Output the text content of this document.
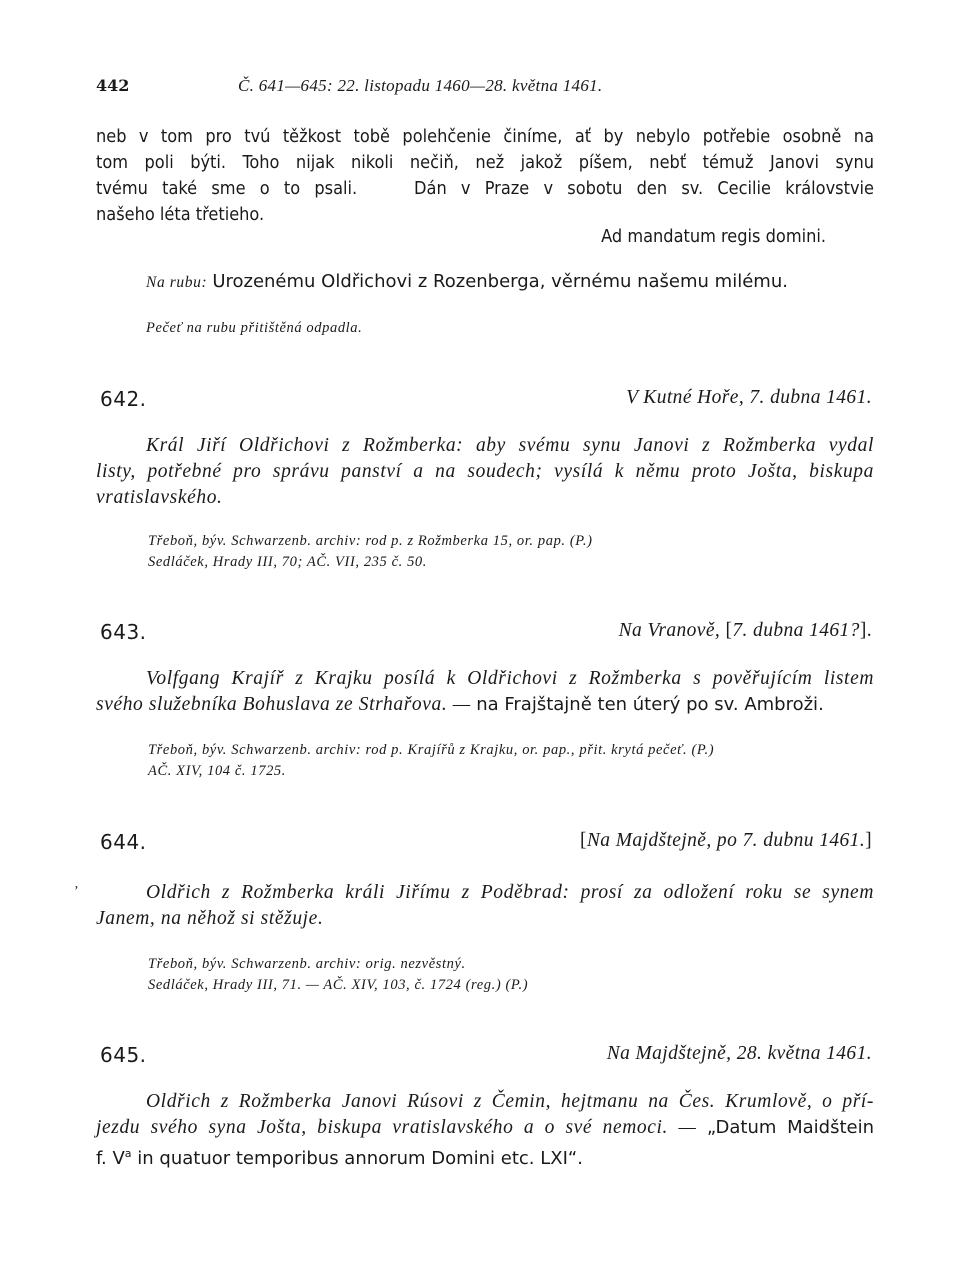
442	Č. 641—645: 22. listopadu 1460—28. května 1461.
neb v tom pro tvú těžkost tobě polehčenie činíme, ať by nebylo potřebie osobně na
tom poli býti. Toho nijak nikoli nečiň, než jakož píšem, nebť témuž Janovi synu
tvému také sme o to psali.    Dán v Praze v sobotu den sv. Cecilie královstvie
našeho léta třetieho.
Ad mandatum regis domini.
Na rubu: Urozenému Oldřichovi z Rozenberga, věrnému našemu milému.
Pečeť na rubu přitištěná odpadla.
642.	V Kutné Hoře, 7. dubna 1461.
Král Jiří Oldřichovi z Rožmberka: aby svému synu Janovi z Rožmberka vydal
listy, potřebné pro správu panství a na soudech; vysílá k němu proto Jošta, biskupa
vratislavského.
Třeboň, býv. Schwarzenb. archiv: rod p. z Rožmberka 15, or. pap. (P.)
Sedláček, Hrady III, 70; AČ. VII, 235 č. 50.
643.	Na Vranově, [7. dubna 1461?].
Volfgang Krajíř z Krajku posílá k Oldřichovi z Rožmberka s pověřujícím listem
svého služebníka Bohuslava ze Strhařova. — na Frajštajně ten úterý po sv. Ambroži.
Třeboň, býv. Schwarzenb. archiv: rod p. Krajířů z Krajku, or. pap., přit. krytá pečeť. (P.)
AČ. XIV, 104 č. 1725.
644.	[Na Majdštejně, po 7. dubnu 1461.]
ʼ	Oldřich z Rožmberka králi Jiřímu z Poděbrad: prosí za odložení roku se synem
Janem, na něhož si stěžuje.
Třeboň, býv. Schwarzenb. archiv: orig. nezvěstný.
Sedláček, Hrady III, 71. — AČ. XIV, 103, č. 1724 (reg.) (P.)
645.	Na Majdštejně, 28. května 1461.
Oldřich z Rožmberka Janovi Rúsovi z Čemin, hejtmanu na Čes. Krumlově, o pří-
jezdu svého syna Jošta, biskupa vratislavského a o své nemoci. — „Datum Maidštein
f. $V^a$ in quatuor temporibus annorum Domini etc. LXI“.
